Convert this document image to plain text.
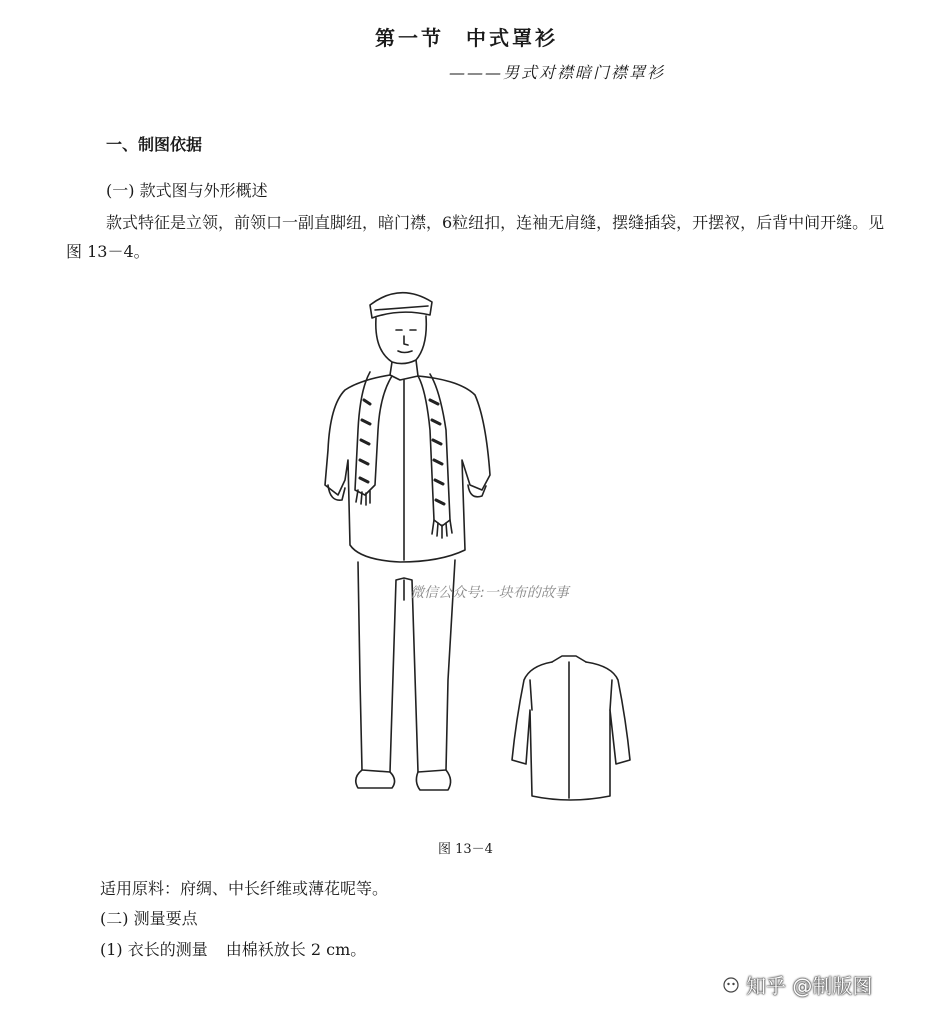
第一节 中式罩衫
———男式对襟暗门襟罩衫
一、制图依据
(一) 款式图与外形概述
款式特征是立领，前领口一副直脚纽，暗门襟，6粒纽扣，连袖无肩缝，摆缝插袋，开摆衩，后背中间开缝。见图 13－4。
微信公众号:一块布的故事
图 13－4
适用原料：府绸、中长纤维或薄花呢等。
(二) 测量要点
(1) 衣长的测量 由棉袄放长 2 cm。
知乎 @制版图
